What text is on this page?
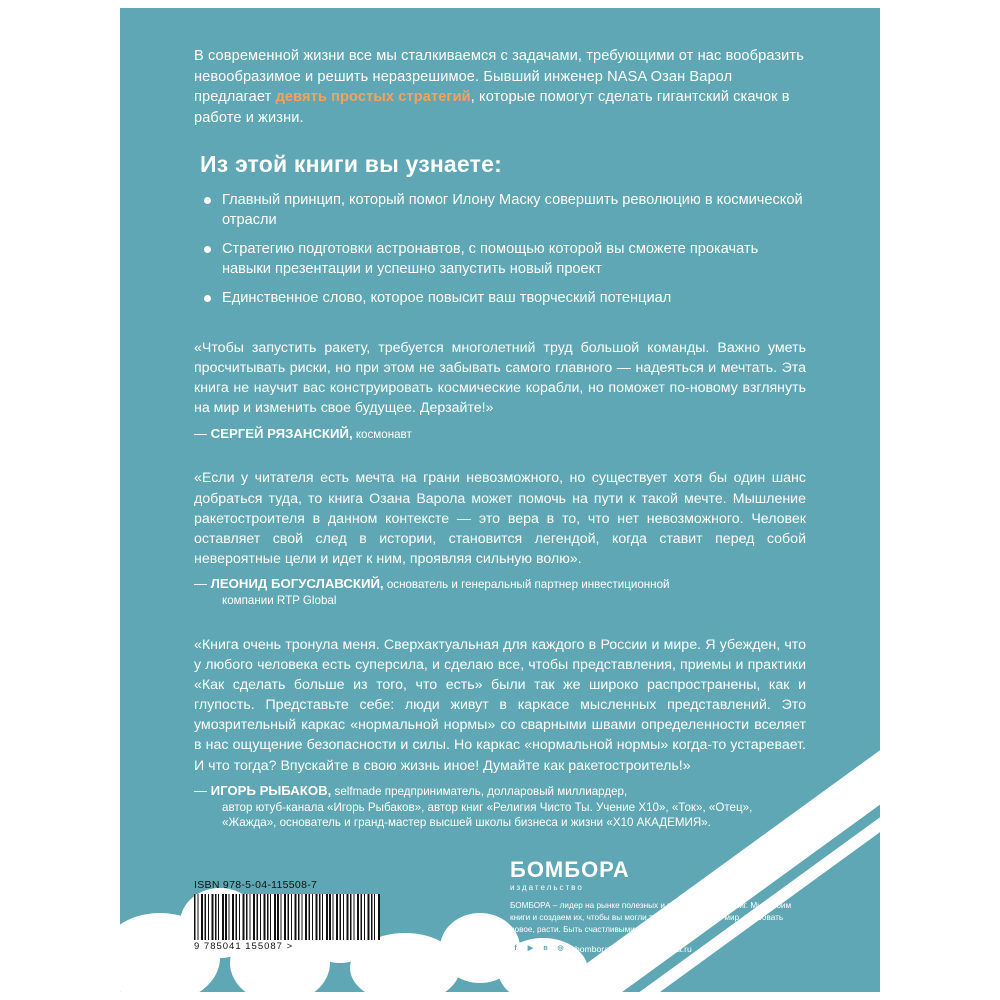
В современной жизни все мы сталкиваемся с задачами, требующими от нас вообразить невообразимое и решить неразрешимое. Бывший инженер NASA Озан Варол предлагает девять простых стратегий, которые помогут сделать гигантский скачок в работе и жизни.

Из этой книги вы узнаете:
Главный принцип, который помог Илону Маску совершить революцию в космической отрасли
Стратегию подготовки астронавтов, с помощью которой вы сможете прокачать навыки презентации и успешно запустить новый проект
Единственное слово, которое повысит ваш творческий потенциал

«Чтобы запустить ракету, требуется многолетний труд большой команды. Важно уметь просчитывать риски, но при этом не забывать самого главного — надеяться и мечтать. Эта книга не научит вас конструировать космические корабли, но поможет по-новому взглянуть на мир и изменить свое будущее. Дерзайте!»

— СЕРГЕЙ РЯЗАНСКИЙ, космонавт

«Если у читателя есть мечта на грани невозможного, но существует хотя бы один шанс добраться туда, то книга Озана Варола может помочь на пути к такой мечте. Мышление ракетостроителя в данном контексте — это вера в то, что нет невозможного. Человек оставляет свой след в истории, становится легендой, когда ставит перед собой невероятные цели и идет к ним, проявляя сильную волю».

— ЛЕОНИД БОГУСЛАВСКИЙ, основатель и генеральный партнер инвестиционной
компании RTP Global

«Книга очень тронула меня. Сверхактуальная для каждого в России и мире. Я убежден, что у любого человека есть суперсила, и сделаю все, чтобы представления, приемы и практики «Как сделать больше из того, что есть» были так же широко распространены, как и глупость. Представьте себе: люди живут в каркасе мысленных представлений. Это умозрительный каркас «нормальной нормы» со сварными швами определенности вселяет в нас ощущение безопасности и силы. Но каркас «нормальной нормы» когда-то устаревает. И что тогда? Впускайте в свою жизнь иное! Думайте как ракетостроитель!»

— ИГОРЬ РЫБАКОВ, selfmade предприниматель, долларовый миллиардер,
автор ютуб-канала «Игорь Рыбаков», автор книг «Религия Чисто Ты. Учение X10», «Ток», «Отец», «Жажда», основатель и гранд-мастер высшей школы бизнеса и жизни «X10 АКАДЕМИЯ».

ISBN 978-5-04-115508-7
9 785041 155087 >
БОМБОРА
издательство
БОМБОРА – лидер на рынке полезных и вдохновляющих книг. Мы любим книги и создаем их, чтобы вы могли творить, открывать мир, пробовать новое, расти. Быть счастливыми. Быть на волне.
f	▶	в	◎ bomborabooks bombora.ru
